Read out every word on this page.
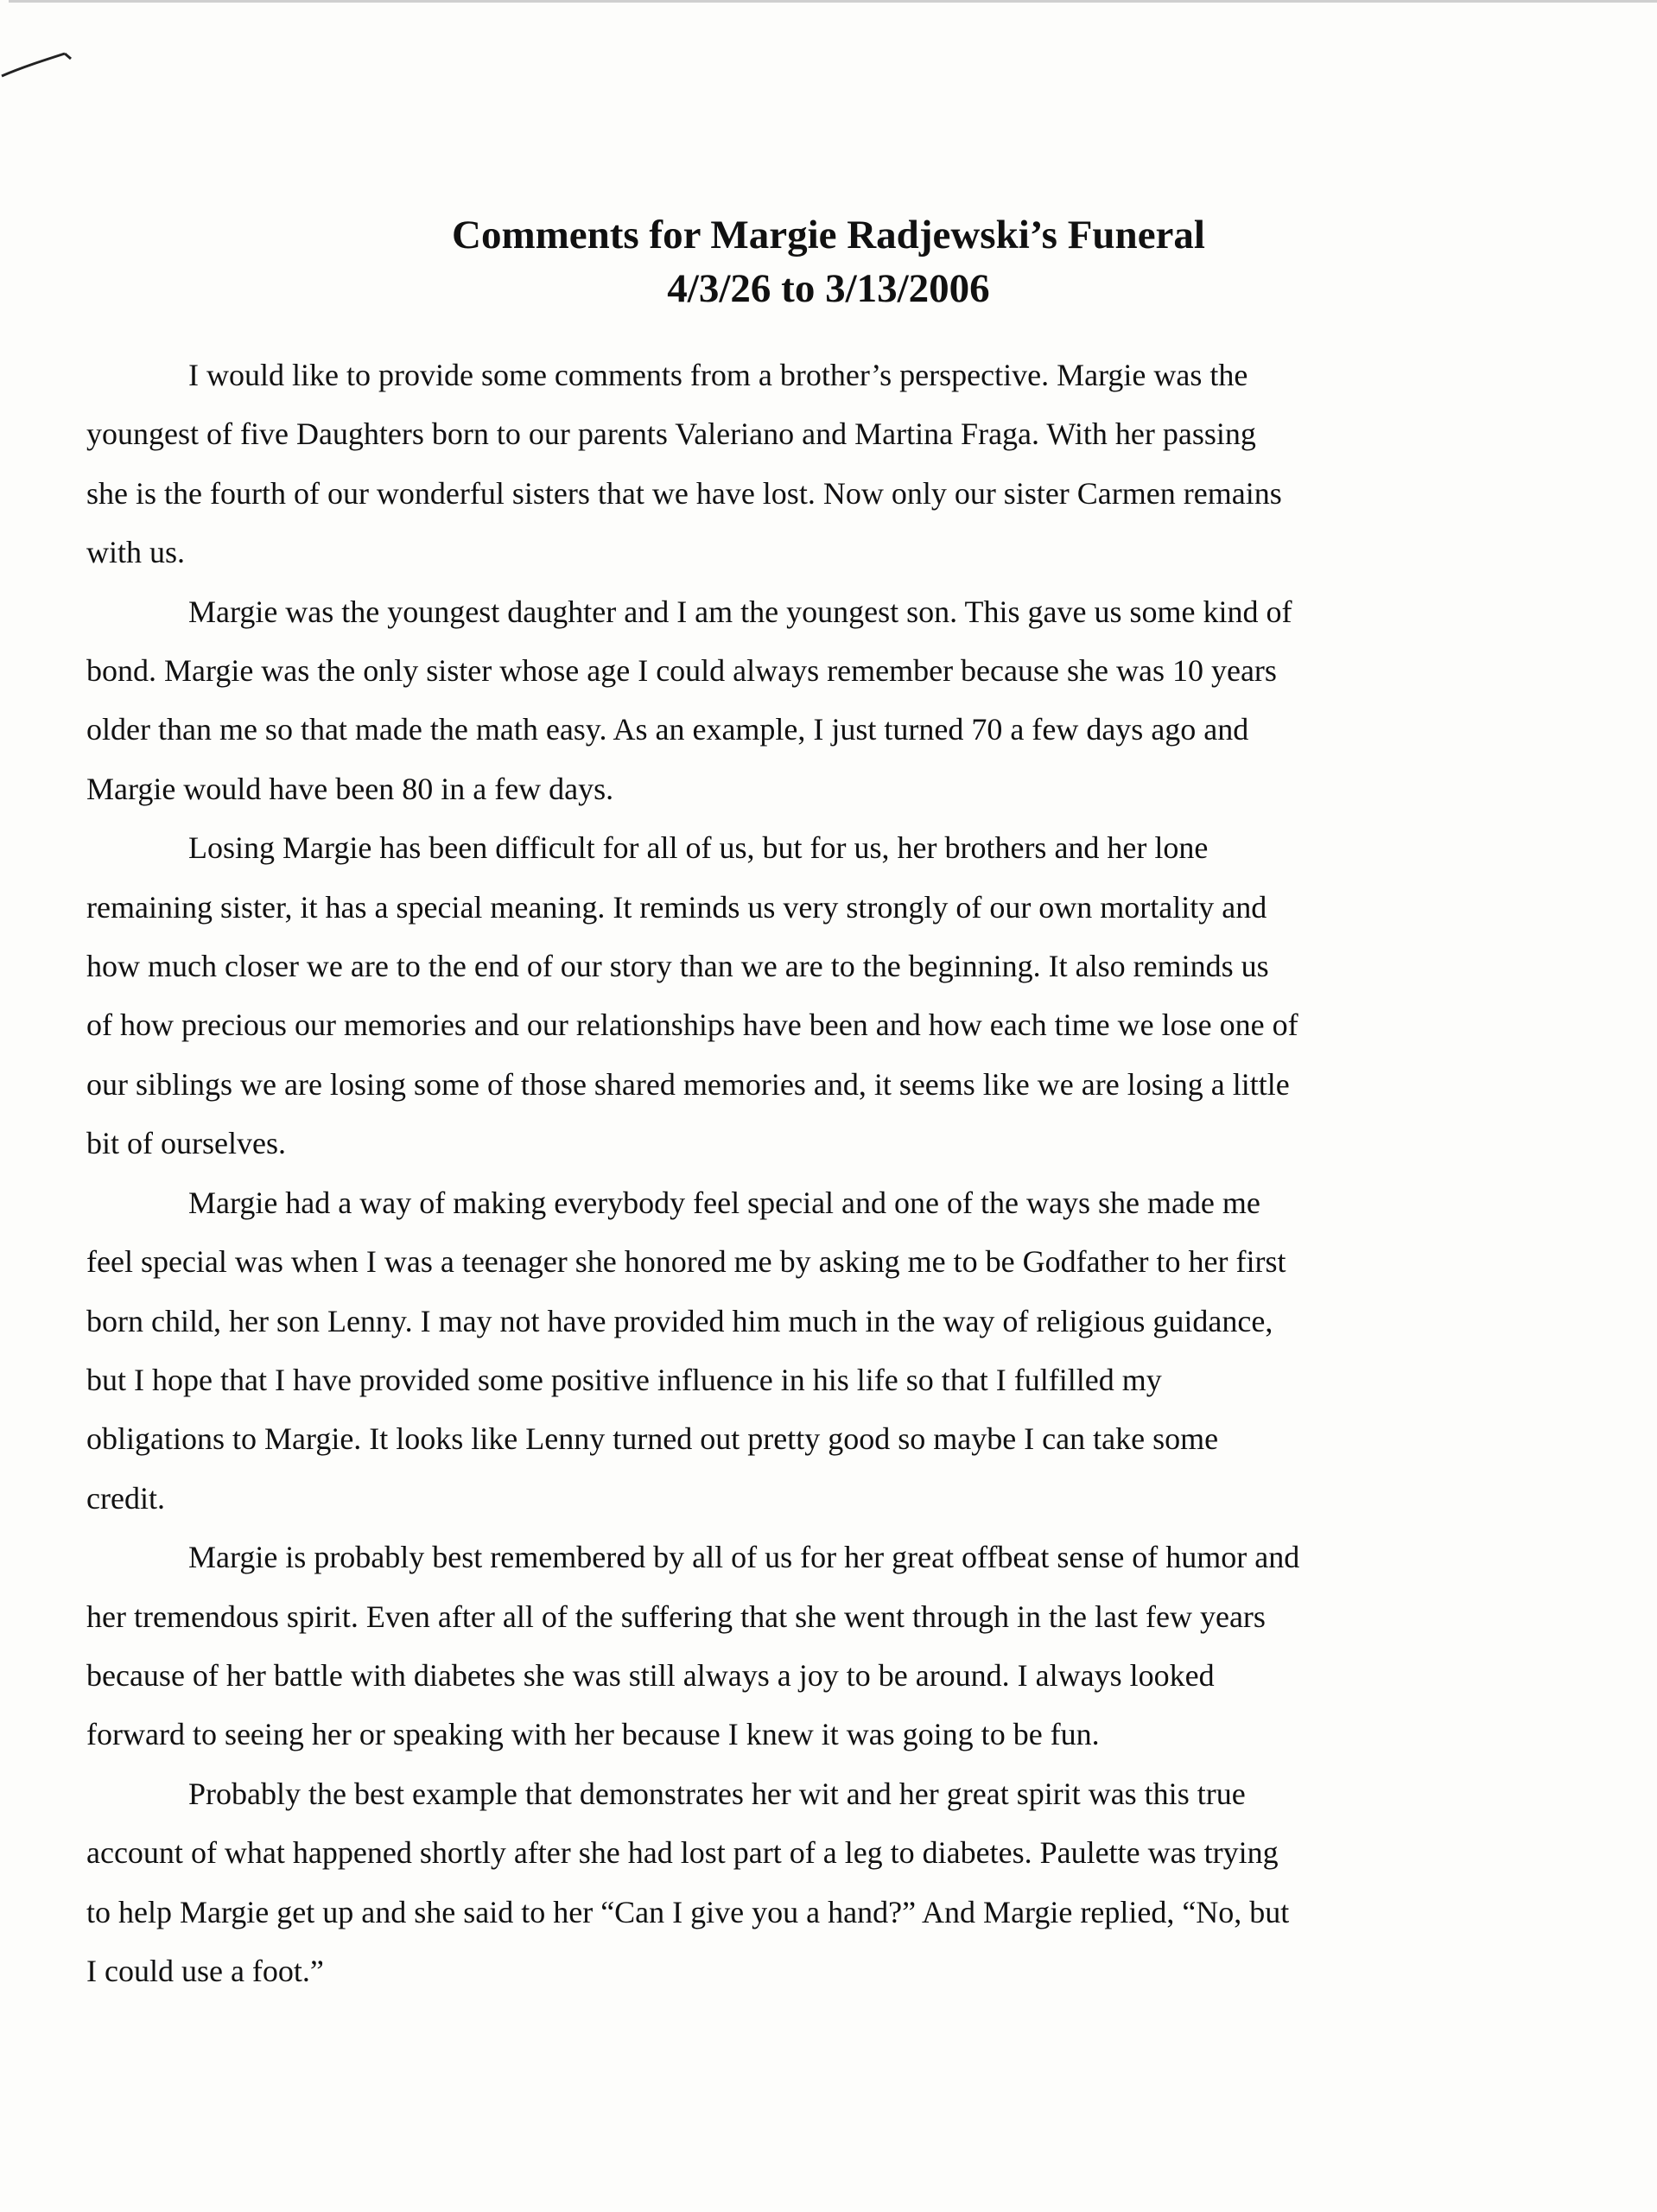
Comments for Margie Radjewski’s Funeral
4/3/26 to 3/13/2006

I would like to provide some comments from a brother’s perspective. Margie was the
youngest of five Daughters born to our parents Valeriano and Martina Fraga. With her passing
she is the fourth of our wonderful sisters that we have lost. Now only our sister Carmen remains
with us.

Margie was the youngest daughter and I am the youngest son. This gave us some kind of
bond. Margie was the only sister whose age I could always remember because she was 10 years
older than me so that made the math easy. As an example, I just turned 70 a few days ago and
Margie would have been 80 in a few days.

Losing Margie has been difficult for all of us, but for us, her brothers and her lone
remaining sister, it has a special meaning. It reminds us very strongly of our own mortality and
how much closer we are to the end of our story than we are to the beginning. It also reminds us
of how precious our memories and our relationships have been and how each time we lose one of
our siblings we are losing some of those shared memories and, it seems like we are losing a little
bit of ourselves.

Margie had a way of making everybody feel special and one of the ways she made me
feel special was when I was a teenager she honored me by asking me to be Godfather to her first
born child, her son Lenny. I may not have provided him much in the way of religious guidance,
but I hope that I have provided some positive influence in his life so that I fulfilled my
obligations to Margie. It looks like Lenny turned out pretty good so maybe I can take some
credit.

Margie is probably best remembered by all of us for her great offbeat sense of humor and
her tremendous spirit. Even after all of the suffering that she went through in the last few years
because of her battle with diabetes she was still always a joy to be around. I always looked
forward to seeing her or speaking with her because I knew it was going to be fun.

Probably the best example that demonstrates her wit and her great spirit was this true
account of what happened shortly after she had lost part of a leg to diabetes. Paulette was trying
to help Margie get up and she said to her “Can I give you a hand?” And Margie replied, “No, but
I could use a foot.”
